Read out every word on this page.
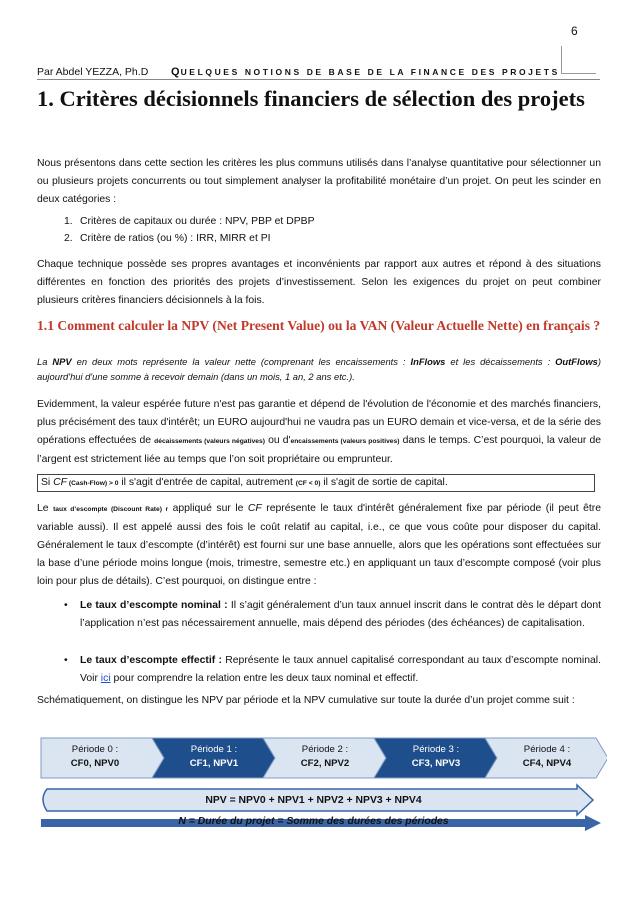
6
Par Abdel YEZZA, Ph.D QUELQUES NOTIONS DE BASE DE LA FINANCE DES PROJETS
1. Critères décisionnels financiers de sélection des projets

Nous présentons dans cette section les critères les plus communs utilisés dans l’analyse quantitative pour sélectionner un ou plusieurs projets concurrents ou tout simplement analyser la profitabilité monétaire d’un projet. On peut les scinder en deux catégories :

1. Critères de capitaux ou durée : NPV, PBP et DPBP
2. Critère de ratios (ou %) : IRR, MIRR et PI

Chaque technique possède ses propres avantages et inconvénients par rapport aux autres et répond à des situations différentes en fonction des priorités des projets d’investissement. Selon les exigences du projet on peut combiner plusieurs critères financiers décisionnels à la fois.

1.1 Comment calculer la NPV (Net Present Value) ou la VAN (Valeur Actuelle Nette) en français ?

La NPV en deux mots représente la valeur nette (comprenant les encaissements : InFlows et les décaissements : OutFlows) aujourd'hui d'une somme à recevoir demain (dans un mois, 1 an, 2 ans etc.).

Evidemment, la valeur espérée future n'est pas garantie et dépend de l'évolution de l'économie et des marchés financiers, plus précisément des taux d'intérêt; un EURO aujourd'hui ne vaudra pas un EURO demain et vice-versa, et de la série des opérations effectuées de décaissements (valeurs négatives) ou d'encaissements (valeurs positives) dans le temps. C’est pourquoi, la valeur de l’argent est strictement liée au temps que l’on soit propriétaire ou emprunteur.

Si CF (Cash-Flow) > 0 il s'agit d'entrée de capital, autrement (CF < 0) il s'agit de sortie de capital.

Le taux d’escompte (Discount Rate) r appliqué sur le CF représente le taux d'intérêt généralement fixe par période (il peut être variable aussi). Il est appelé aussi des fois le coût relatif au capital, i.e., ce que vous coûte pour disposer du capital. Généralement le taux d’escompte (d’intérêt) est fourni sur une base annuelle, alors que les opérations sont effectuées sur la base d’une période moins longue (mois, trimestre, semestre etc.) en appliquant un taux d’escompte composé (voir plus loin pour plus de détails). C’est pourquoi, on distingue entre :

• Le taux d’escompte nominal : Il s’agit généralement d’un taux annuel inscrit dans le contrat dès le départ dont l’application n’est pas nécessairement annuelle, mais dépend des périodes (des échéances) de capitalisation.
• Le taux d’escompte effectif : Représente le taux annuel capitalisé correspondant au taux d’escompte nominal. Voir ici pour comprendre la relation entre les deux taux nominal et effectif.

Schématiquement, on distingue les NPV par période et la NPV cumulative sur toute la durée d’un projet comme suit :

Période 0 :
CF0, NPV0
Période 1 :
CF1, NPV1
Période 2 :
CF2, NPV2
Période 3 :
CF3, NPV3
Période 4 :
CF4, NPV4
NPV = NPV0 + NPV1 + NPV2 + NPV3 + NPV4
N = Durée du projet = Somme des durées des périodes
